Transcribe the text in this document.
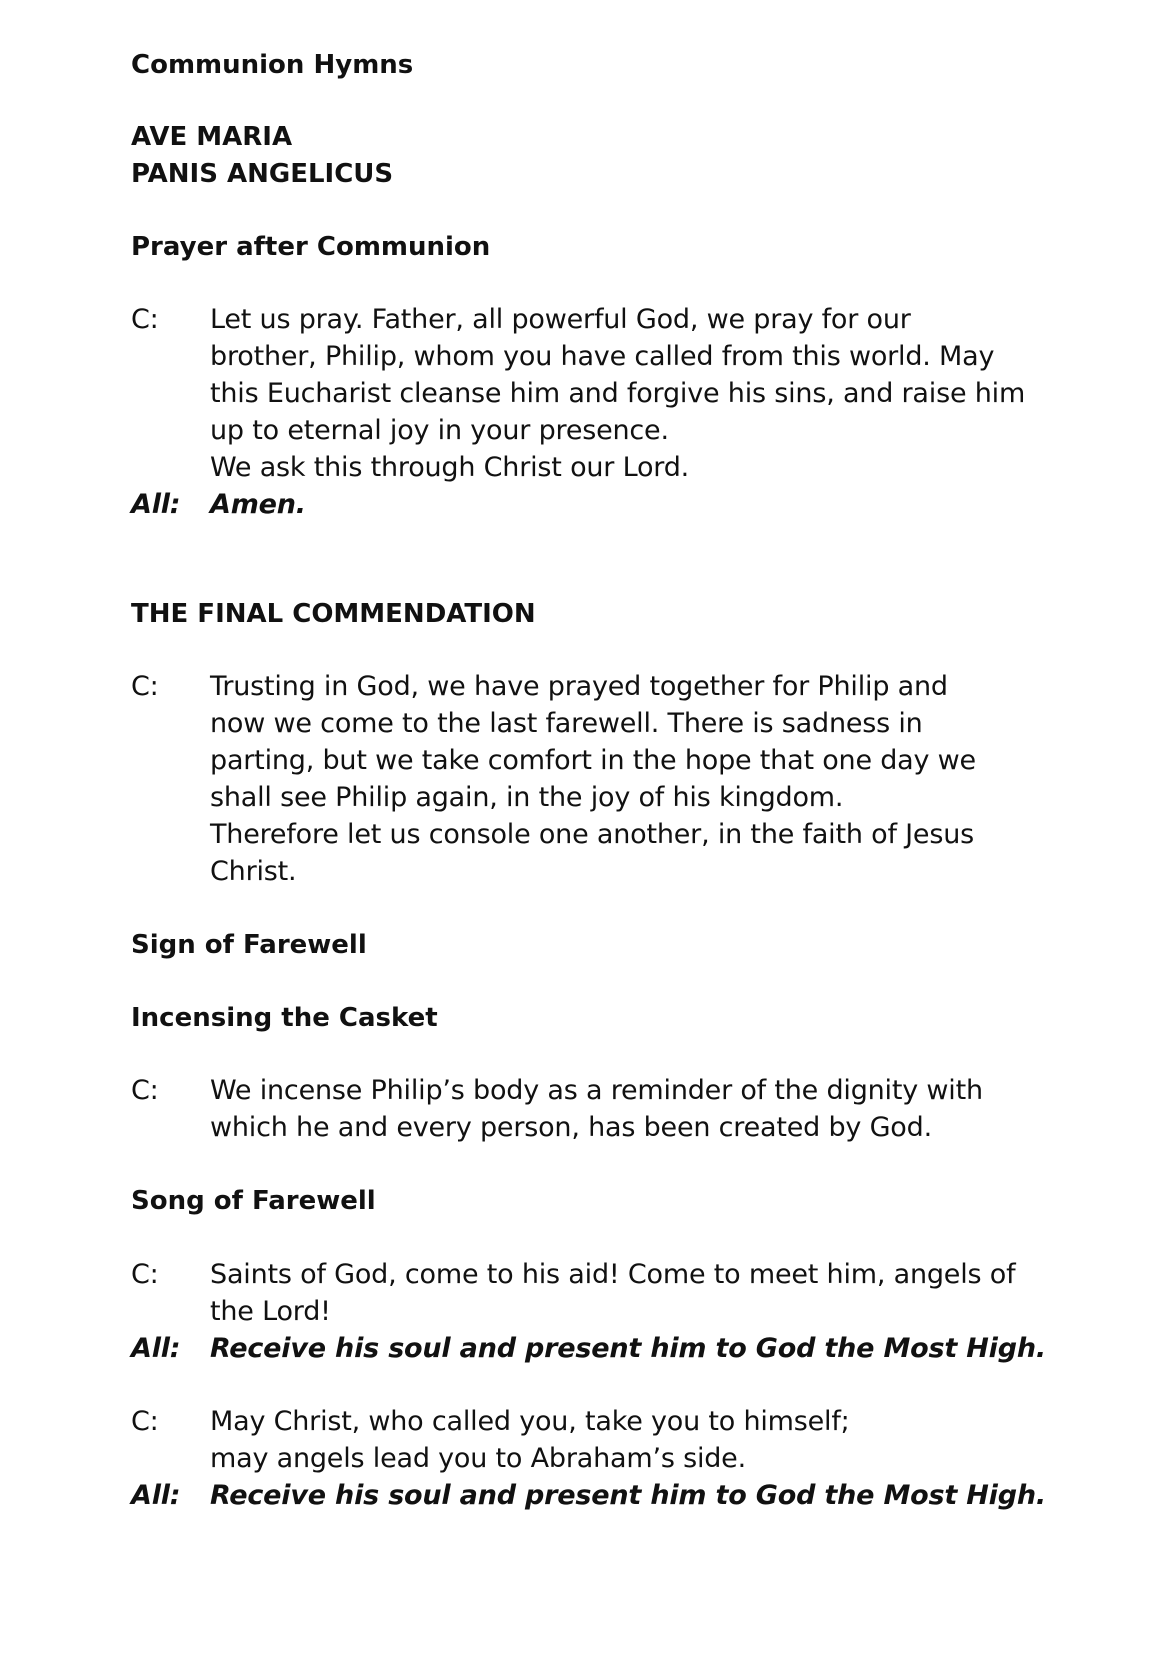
Communion Hymns
AVE MARIA
PANIS ANGELICUS
Prayer after Communion

C:	Let us pray. Father, all powerful God, we pray for our

brother, Philip, whom you have called from this world. May

this Eucharist cleanse him and forgive his sins, and raise him

up to eternal joy in your presence.

We ask this through Christ our Lord.

All:	Amen.

THE FINAL COMMENDATION

C:	Trusting in God, we have prayed together for Philip and

now we come to the last farewell. There is sadness in

parting, but we take comfort in the hope that one day we

shall see Philip again, in the joy of his kingdom.

Therefore let us console one another, in the faith of Jesus

Christ.

Sign of Farewell
Incensing the Casket

C:	We incense Philip’s body as a reminder of the dignity with

which he and every person, has been created by God.

Song of Farewell

C:	Saints of God, come to his aid! Come to meet him, angels of

the Lord!

All:	Receive his soul and present him to God the Most High.

C:	May Christ, who called you, take you to himself;

may angels lead you to Abraham’s side.

All:	Receive his soul and present him to God the Most High.
